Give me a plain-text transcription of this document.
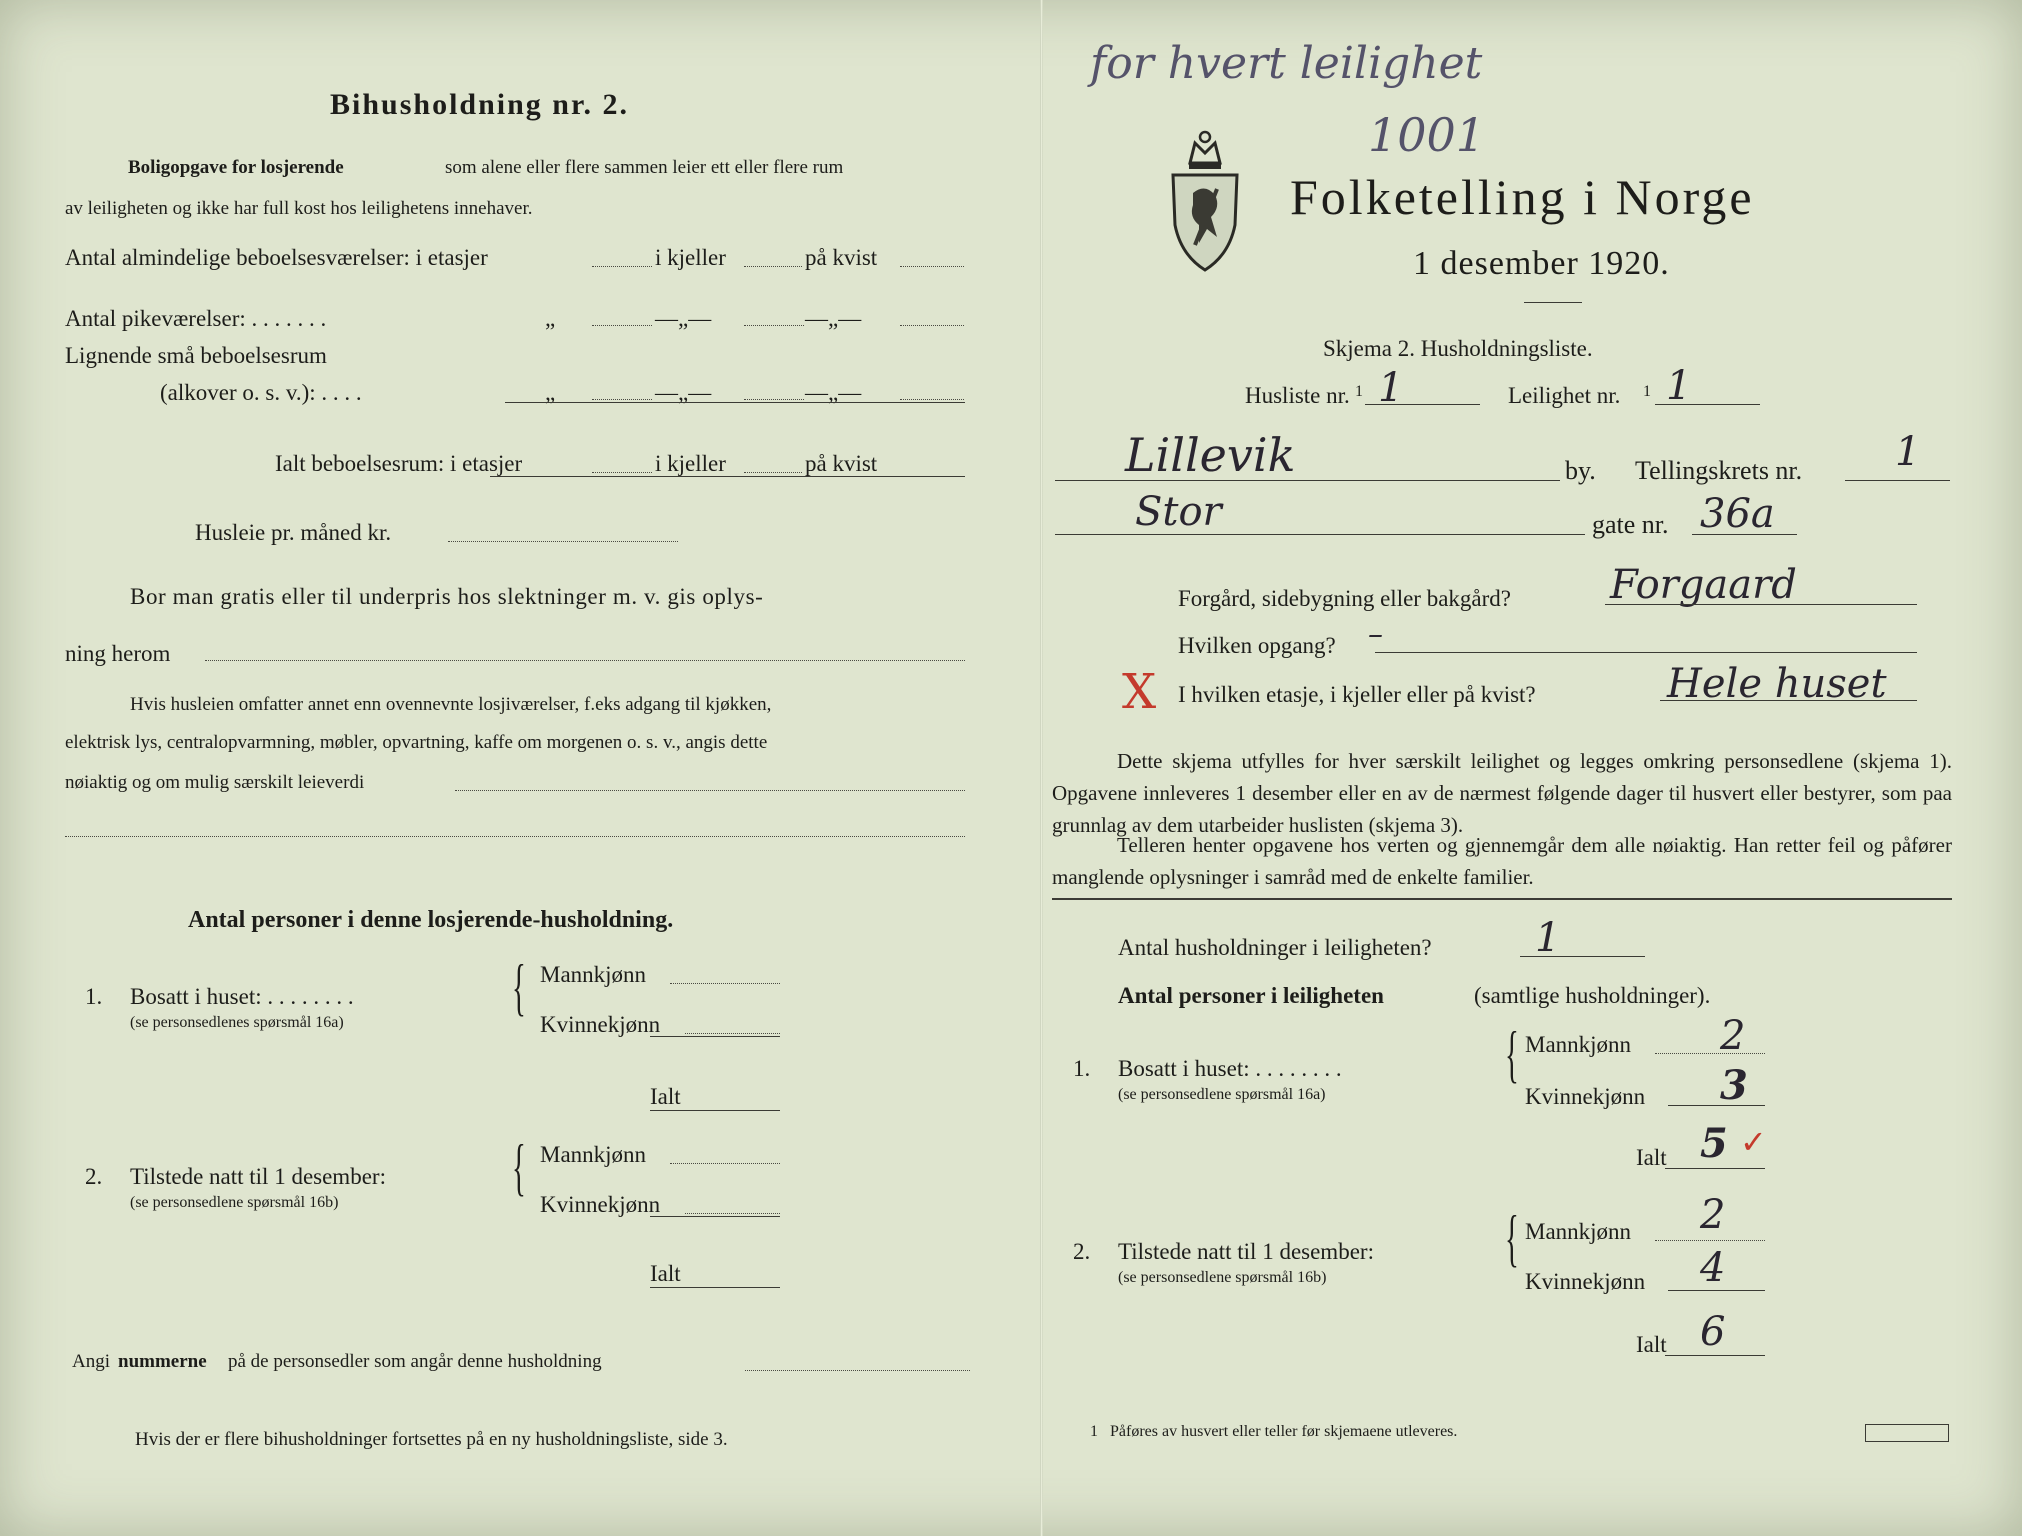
Bihusholdning nr. 2.
Boligopgave for losjerende	som alene eller flere sammen leier ett eller flere rum
av leiligheten og ikke har full kost hos leilighetens innehaver.
Antal almindelige beboelsesværelser: i etasjer	i kjeller	på kvist
Antal pikeværelser: . . . . . . .	„	—„—	—„—
Lignende små beboelsesrum
(alkover o. s. v.): . . . .	„	—„—	—„—
Ialt beboelsesrum: i etasjer	i kjeller	på kvist
Husleie pr. måned kr.
Bor man gratis eller til underpris hos slektninger m. v. gis oplys-
ning herom
Hvis husleien omfatter annet enn ovennevnte losjiværelser, f.eks adgang til kjøkken,
elektrisk lys, centralopvarmning, møbler, opvartning, kaffe om morgenen o. s. v., angis dette
nøiaktig og om mulig særskilt leieverdi
Antal personer i denne losjerende-husholdning.
1. Bosatt i huset: . . . . . . . .
(se personsedlenes spørsmål 16a)
{ Mannkjønn
Kvinnekjønn
Ialt
2. Tilstede natt til 1 desember:
(se personsedlene spørsmål 16b)
{ Mannkjønn
Kvinnekjønn
Ialt
Angi nummerne på de personsedler som angår denne husholdning
Hvis der er flere bihusholdninger fortsettes på en ny husholdningsliste, side 3.
Folketelling i Norge
1 desember 1920.
Skjema 2. Husholdningsliste.
Husliste nr. 1 1	Leilighet nr. 1 1
Lillevik	by. Tellingskrets nr. 1
Stor	gate nr. 36a
Forgård, sidebygning eller bakgård? Forgaard
Hvilken opgang? –
X I hvilken etasje, i kjeller eller på kvist?	Hele huset
Dette skjema utfylles for hver særskilt leilighet og legges omkring personsedlene (skjema 1). Opgavene innleveres 1 desember eller en av de nærmest følgende dager til husvert eller bestyrer, som paa grunnlag av dem utarbeider huslisten (skjema 3).
Telleren henter opgavene hos verten og gjennemgår dem alle nøiaktig. Han retter feil og påfører manglende oplysninger i samråd med de enkelte familier.
Antal husholdninger i leiligheten?	1
Antal personer i leiligheten	(samtlige husholdninger).
1. Bosatt i huset: . . . . . . . .
(se personsedlene spørsmål 16a)
{ Mannkjønn 2
Kvinnekjønn 3
Ialt 5 ✓
2. Tilstede natt til 1 desember:
(se personsedlene spørsmål 16b)
{ Mannkjønn 2
Kvinnekjønn 4
Ialt 6
1 Påføres av husvert eller teller før skjemaene utleveres.
for hvert leilighet
1001
